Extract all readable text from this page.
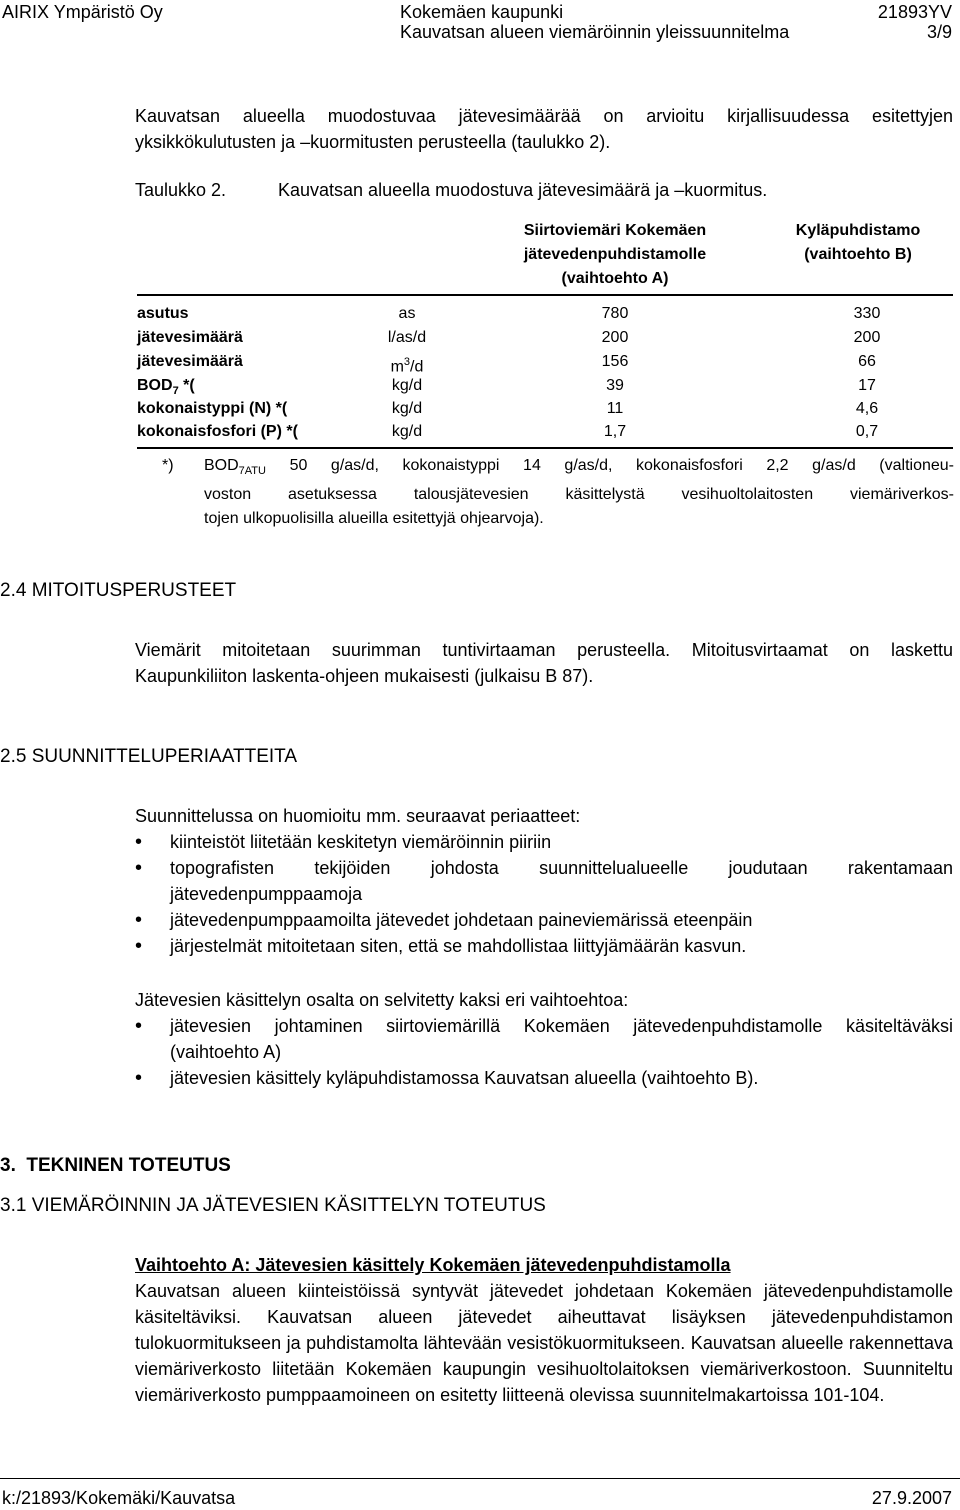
AIRIX Ympäristö Oy	Kokemäen kaupunki	21893YV
Kauvatsan alueen viemäröinnin yleissuunnitelma	3/9

Kauvatsan alueella muodostuvaa jätevesimäärää on arvioitu kirjallisuudessa esitettyjen yksikkökulutusten ja –kuormitusten perusteella (taulukko 2).

Taulukko 2.	Kauvatsan alueella muodostuva jätevesimäärä ja –kuormitus.
Siirtoviemäri Kokemäen
jätevedenpuhdistamolle
(vaihtoehto A)
Kyläpuhdistamo
(vaihtoehto B)
asutus	as	780	330
jätevesimäärä	l/as/d	200	200
jätevesimäärä	$m^3/d$	156	66
$BOD_7$ *(	kg/d	39	17
kokonaistyppi (N) *(	kg/d	11	4,6
kokonaisfosfori (P) *(	kg/d	1,7	0,7
*) $BOD_{7ATU}$ 50 g/as/d, kokonaistyppi 14 g/as/d, kokonaisfosfori 2,2 g/as/d (valtioneu-
voston asetuksessa talousjätevesien käsittelystä vesihuoltolaitosten viemäriverkos-
tojen ulkopuolisilla alueilla esitettyjä ohjearvoja).
2.4 MITOITUSPERUSTEET

Viemärit mitoitetaan suurimman tuntivirtaaman perusteella. Mitoitusvirtaamat on laskettu Kaupunkiliiton laskenta-ohjeen mukaisesti (julkaisu B 87).

2.5 SUUNNITTELUPERIAATTEITA

Suunnittelussa on huomioitu mm. seuraavat periaatteet:

• kiinteistöt liitetään keskitetyn viemäröinnin piiriin
• topografisten tekijöiden johdosta suunnittelualueelle joudutaan rakentamaan jätevedenpumppaamoja
• jätevedenpumppaamoilta jätevedet johdetaan paineviemärissä eteenpäin
• järjestelmät mitoitetaan siten, että se mahdollistaa liittyjämäärän kasvun.

Jätevesien käsittelyn osalta on selvitetty kaksi eri vaihtoehtoa:

• jätevesien johtaminen siirtoviemärillä Kokemäen jätevedenpuhdistamolle käsiteltäväksi (vaihtoehto A)
• jätevesien käsittely kyläpuhdistamossa Kauvatsan alueella (vaihtoehto B).
3.  TEKNINEN TOTEUTUS
3.1 VIEMÄRÖINNIN JA JÄTEVESIEN KÄSITTELYN TOTEUTUS
Vaihtoehto A: Jätevesien käsittely Kokemäen jätevedenpuhdistamolla

Kauvatsan alueen kiinteistöissä syntyvät jätevedet johdetaan Kokemäen jätevedenpuhdistamolle käsiteltäviksi. Kauvatsan alueen jätevedet aiheuttavat lisäyksen jätevedenpuhdistamon tulokuormitukseen ja puhdistamolta lähtevään vesistökuormitukseen. Kauvatsan alueelle rakennettava viemäriverkosto liitetään Kokemäen kaupungin vesihuoltolaitoksen viemäriverkostoon. Suunniteltu viemäriverkosto pumppaamoineen on esitetty liitteenä olevissa suunnitelmakartoissa 101-104.

k:/21893/Kokemäki/Kauvatsa	27.9.2007
